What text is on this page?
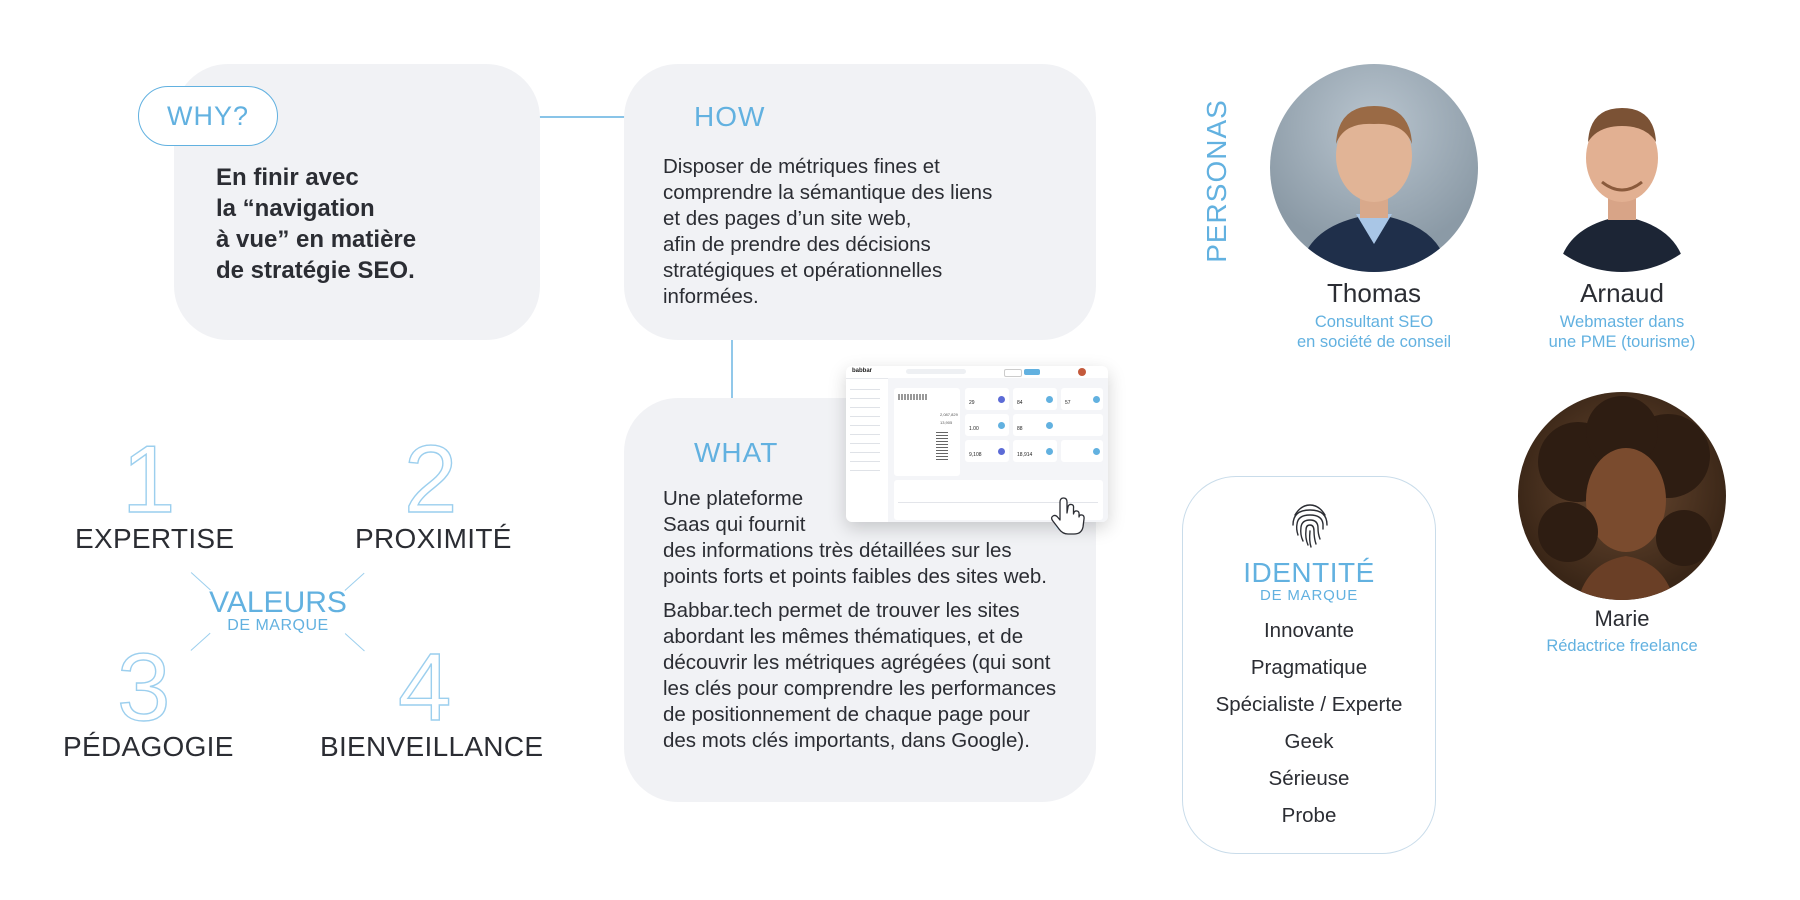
WHY?
En finir avec
la “navigation
à vue” en matière
de stratégie SEO.
HOW
Disposer de métriques fines et
comprendre la sémantique des liens
et des pages d’un site web,
afin de prendre des décisions
stratégiques et opérationnelles
informées.
WHAT
Une plateforme
Saas qui fournit
des informations très détaillées sur les
points forts et points faibles des sites web.
Babbar.tech permet de trouver les sites
abordant les mêmes thématiques, et de
découvrir les métriques agrégées (qui sont
les clés pour comprendre les performances
de positionnement de chaque page pour
des mots clés importants, dans Google).
babbar
2,087,829
13,905
29	84	57
1.00	88
9,108	18,914
1
EXPERTISE
2
PROXIMITÉ
3
PÉDAGOGIE
4
BIENVEILLANCE
VALEURS
DE MARQUE
IDENTITÉ
DE MARQUE
Innovante
Pragmatique
Spécialiste / Experte
Geek
Sérieuse
Probe
PERSONAS
Thomas
Consultant SEO
en société de conseil
Arnaud
Webmaster dans
une PME (tourisme)
Marie
Rédactrice freelance
